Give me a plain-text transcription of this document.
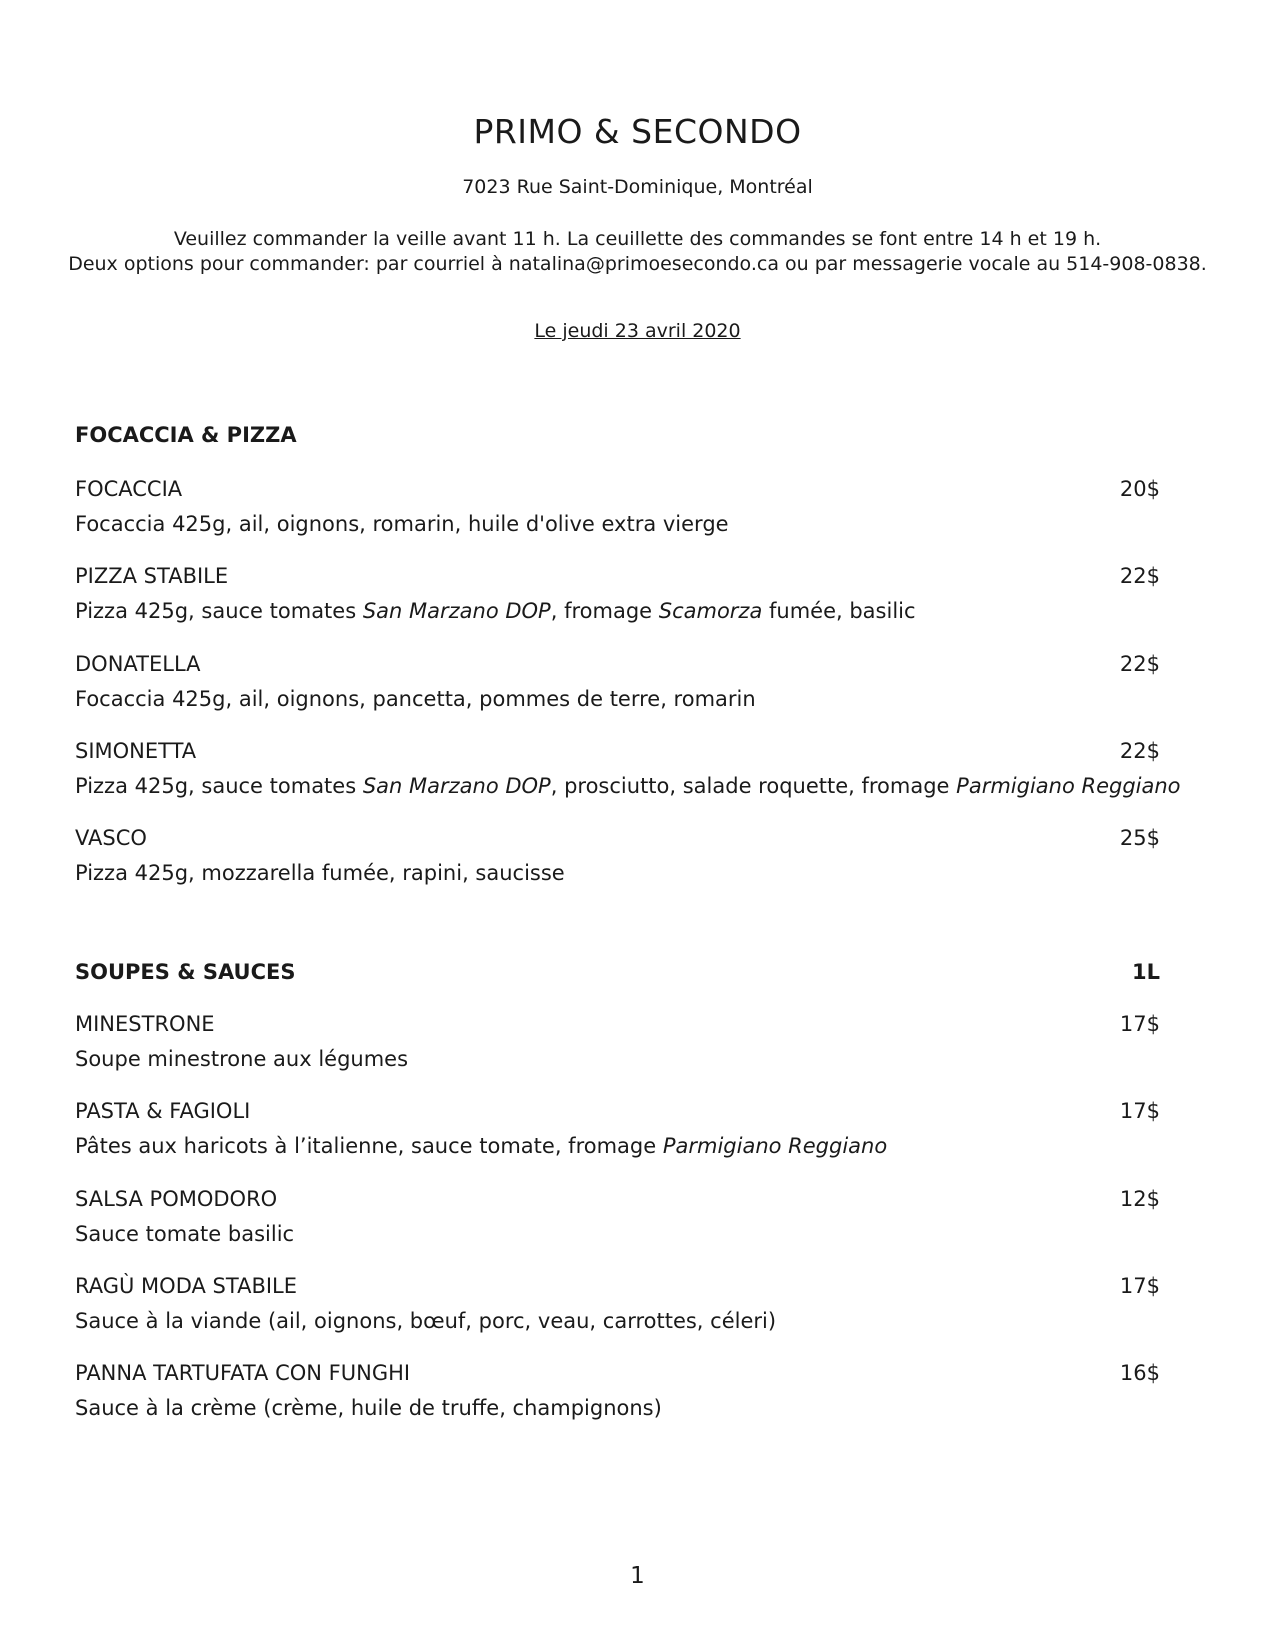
PRIMO & SECONDO
7023 Rue Saint-Dominique, Montréal
Veuillez commander la veille avant 11 h. La ceuillette des commandes se font entre 14 h et 19 h.
Deux options pour commander: par courriel à natalina@primoesecondo.ca ou par messagerie vocale au 514-908-0838.
Le jeudi 23 avril 2020
FOCACCIA & PIZZA
FOCACCIA	20$
Focaccia 425g, ail, oignons, romarin, huile d'olive extra vierge
PIZZA STABILE	22$
Pizza 425g, sauce tomates San Marzano DOP, fromage Scamorza fumée, basilic
DONATELLA	22$
Focaccia 425g, ail, oignons, pancetta, pommes de terre, romarin
SIMONETTA	22$
Pizza 425g, sauce tomates San Marzano DOP, prosciutto, salade roquette, fromage Parmigiano Reggiano
VASCO	25$
Pizza 425g, mozzarella fumée, rapini, saucisse
SOUPES & SAUCES	1L
MINESTRONE	17$
Soupe minestrone aux légumes
PASTA & FAGIOLI	17$
Pâtes aux haricots à l’italienne, sauce tomate, fromage Parmigiano Reggiano
SALSA POMODORO	12$
Sauce tomate basilic
RAGÙ MODA STABILE	17$
Sauce à la viande (ail, oignons, bœuf, porc, veau, carrottes, céleri)
PANNA TARTUFATA CON FUNGHI	16$
Sauce à la crème (crème, huile de truffe, champignons)
1
